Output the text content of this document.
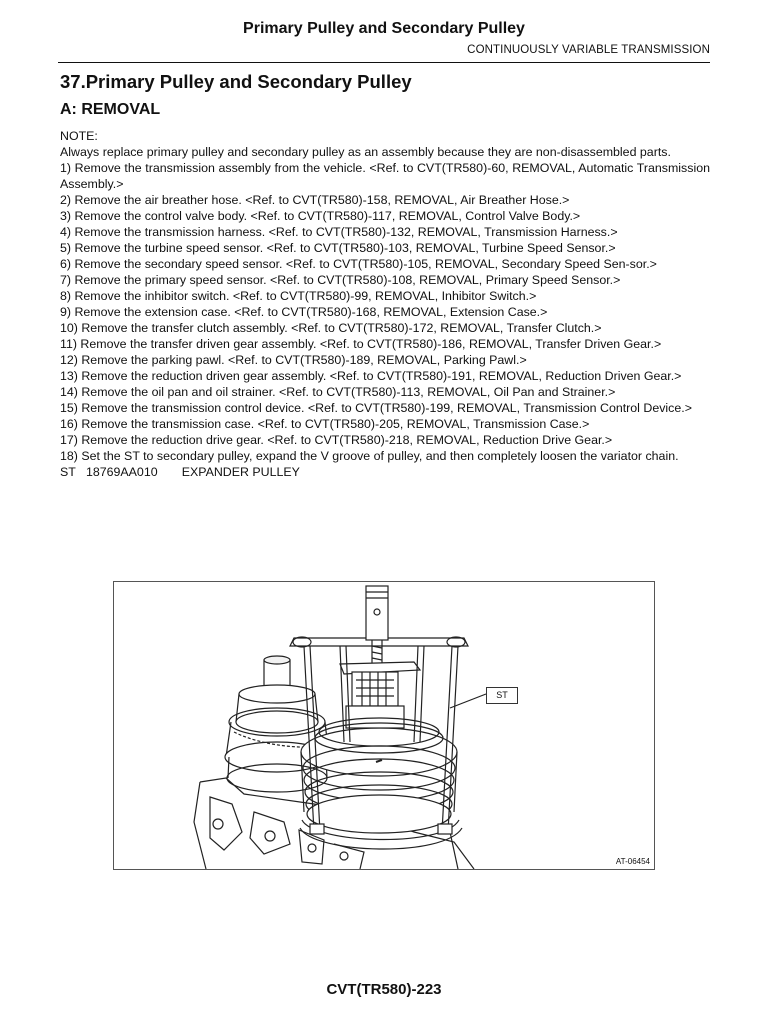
Primary Pulley and Secondary Pulley
CONTINUOUSLY VARIABLE TRANSMISSION
37.Primary Pulley and Secondary Pulley
A: REMOVAL

NOTE:

Always replace primary pulley and secondary pulley as an assembly because they are non-disassembled parts.

1) Remove the transmission assembly from the vehicle. <Ref. to CVT(TR580)-60, REMOVAL, Automatic Transmission Assembly.>

2) Remove the air breather hose. <Ref. to CVT(TR580)-158, REMOVAL, Air Breather Hose.>

3) Remove the control valve body. <Ref. to CVT(TR580)-117, REMOVAL, Control Valve Body.>

4) Remove the transmission harness. <Ref. to CVT(TR580)-132, REMOVAL, Transmission Harness.>

5) Remove the turbine speed sensor. <Ref. to CVT(TR580)-103, REMOVAL, Turbine Speed Sensor.>

6) Remove the secondary speed sensor. <Ref. to CVT(TR580)-105, REMOVAL, Secondary Speed Sen-sor.>

7) Remove the primary speed sensor. <Ref. to CVT(TR580)-108, REMOVAL, Primary Speed Sensor.>

8) Remove the inhibitor switch. <Ref. to CVT(TR580)-99, REMOVAL, Inhibitor Switch.>

9) Remove the extension case. <Ref. to CVT(TR580)-168, REMOVAL, Extension Case.>

10) Remove the transfer clutch assembly. <Ref. to CVT(TR580)-172, REMOVAL, Transfer Clutch.>

11) Remove the transfer driven gear assembly. <Ref. to CVT(TR580)-186, REMOVAL, Transfer Driven Gear.>

12) Remove the parking pawl. <Ref. to CVT(TR580)-189, REMOVAL, Parking Pawl.>

13) Remove the reduction driven gear assembly. <Ref. to CVT(TR580)-191, REMOVAL, Reduction Driven Gear.>

14) Remove the oil pan and oil strainer. <Ref. to CVT(TR580)-113, REMOVAL, Oil Pan and Strainer.>

15) Remove the transmission control device. <Ref. to CVT(TR580)-199, REMOVAL, Transmission Control Device.>

16) Remove the transmission case. <Ref. to CVT(TR580)-205, REMOVAL, Transmission Case.>

17) Remove the reduction drive gear. <Ref. to CVT(TR580)-218, REMOVAL, Reduction Drive Gear.>

18) Set the ST to secondary pulley, expand the V groove of pulley, and then completely loosen the variator chain.

ST 18769AA010 EXPANDER PULLEY

ST
AT-06454
CVT(TR580)-223
